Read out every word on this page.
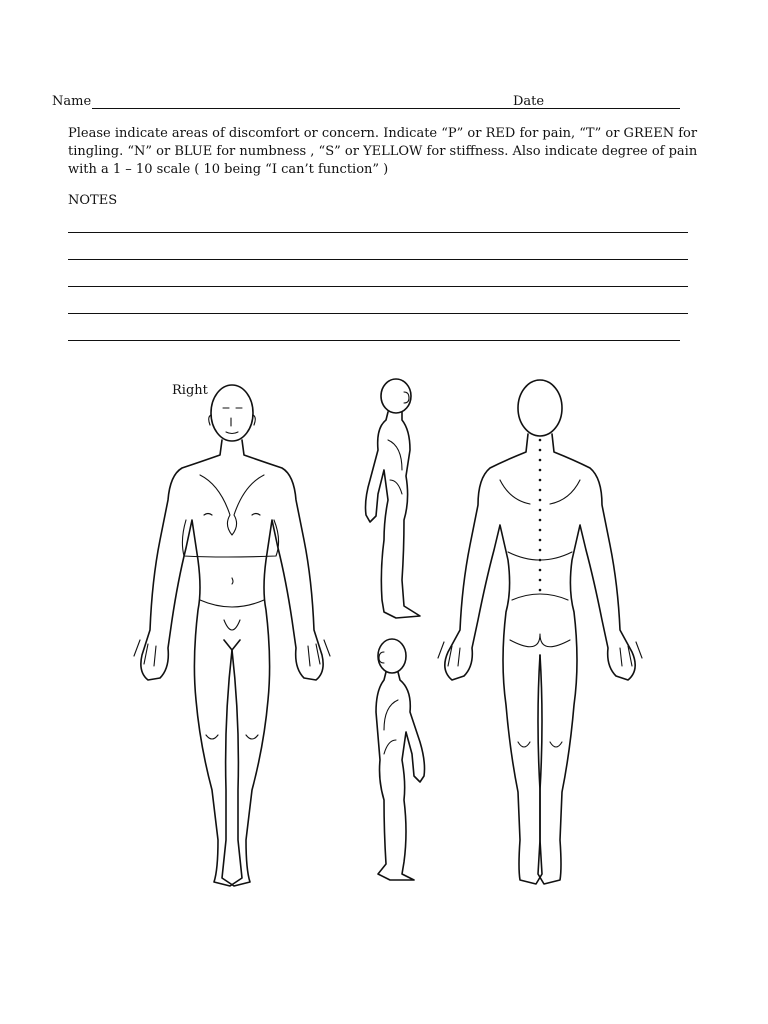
Name	Date
Please indicate areas of discomfort or concern. Indicate “P” or RED for pain, “T” or GREEN for
tingling. “N” or BLUE for numbness , “S” or YELLOW for stiffness. Also indicate degree of pain
with a 1 – 10 scale ( 10 being “I can’t function” )
NOTES
Right
